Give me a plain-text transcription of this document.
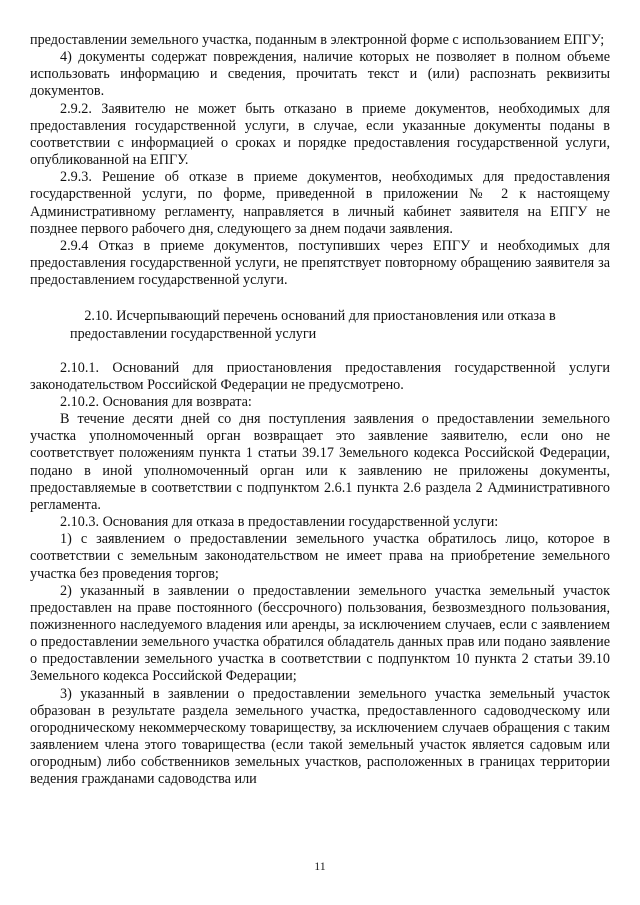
предоставлении земельного участка, поданным в электронной форме с использованием ЕПГУ;

4) документы содержат повреждения, наличие которых не позволяет в полном объеме использовать информацию и сведения, прочитать текст и (или) распознать реквизиты документов.

2.9.2. Заявителю не может быть отказано в приеме документов, необходимых для предоставления государственной услуги, в случае, если указанные документы поданы в соответствии с информацией о сроках и порядке предоставления государственной услуги, опубликованной на ЕПГУ.

2.9.3. Решение об отказе в приеме документов, необходимых для предоставления государственной услуги, по форме, приведенной в приложении № 2 к настоящему Административному регламенту, направляется в личный кабинет заявителя на ЕПГУ не позднее первого рабочего дня, следующего за днем подачи заявления.

2.9.4 Отказ в приеме документов, поступивших через ЕПГУ и необходимых для предоставления государственной услуги, не препятствует повторному обращению заявителя за предоставлением государственной услуги.

2.10. Исчерпывающий перечень оснований для приостановления или отказа в предоставлении государственной услуги

2.10.1. Оснований для приостановления предоставления государственной услуги законодательством Российской Федерации не предусмотрено.

2.10.2. Основания для возврата:

В течение десяти дней со дня поступления заявления о предоставлении земельного участка уполномоченный орган возвращает это заявление заявителю, если оно не соответствует положениям пункта 1 статьи 39.17 Земельного кодекса Российской Федерации, подано в иной уполномоченный орган или к заявлению не приложены документы, предоставляемые в соответствии с подпунктом 2.6.1 пункта 2.6 раздела 2 Административного регламента.

2.10.3. Основания для отказа в предоставлении государственной услуги:

1) с заявлением о предоставлении земельного участка обратилось лицо, которое в соответствии с земельным законодательством не имеет права на приобретение земельного участка без проведения торгов;

2) указанный в заявлении о предоставлении земельного участка земельный участок предоставлен на праве постоянного (бессрочного) пользования, безвозмездного пользования, пожизненного наследуемого владения или аренды, за исключением случаев, если с заявлением о предоставлении земельного участка обратился обладатель данных прав или подано заявление о предоставлении земельного участка в соответствии с подпунктом 10 пункта 2 статьи 39.10 Земельного кодекса Российской Федерации;

3) указанный в заявлении о предоставлении земельного участка земельный участок образован в результате раздела земельного участка, предоставленного садоводческому или огородническому некоммерческому товариществу, за исключением случаев обращения с таким заявлением члена этого товарищества (если такой земельный участок является садовым или огородным) либо собственников земельных участков, расположенных в границах территории ведения гражданами садоводства или

11
